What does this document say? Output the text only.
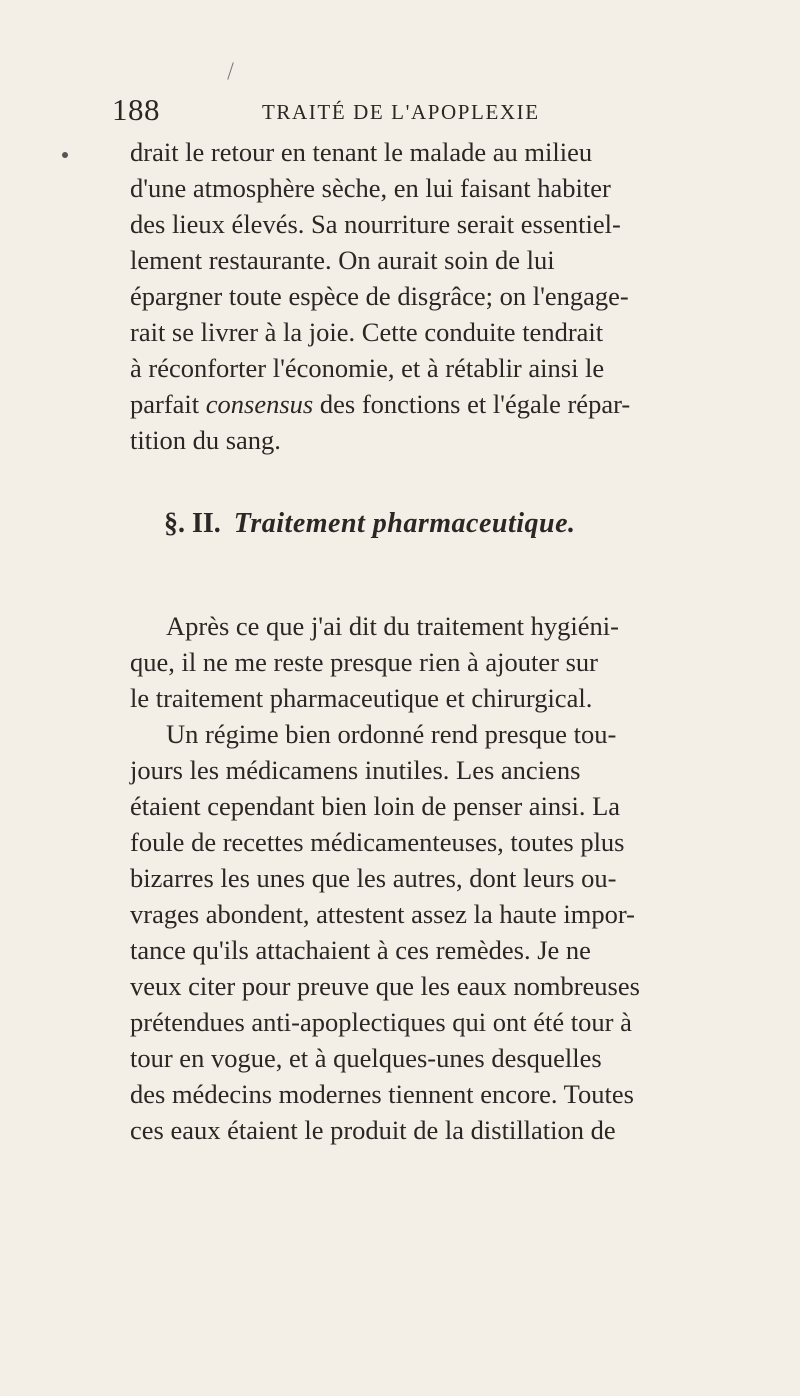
188	TRAITÉ DE L'APOPLEXIE
drait le retour en tenant le malade au milieu
d'une atmosphère sèche, en lui faisant habiter
des lieux élevés. Sa nourriture serait essentiel-
lement restaurante. On aurait soin de lui
épargner toute espèce de disgrâce; on l'engage-
rait se livrer à la joie. Cette conduite tendrait
à réconforter l'économie, et à rétablir ainsi le
parfait consensus des fonctions et l'égale répar-
tition du sang.
§. II. Traitement pharmaceutique.
Après ce que j'ai dit du traitement hygiéni-
que, il ne me reste presque rien à ajouter sur
le traitement pharmaceutique et chirurgical.
Un régime bien ordonné rend presque tou-
jours les médicamens inutiles. Les anciens
étaient cependant bien loin de penser ainsi. La
foule de recettes médicamenteuses, toutes plus
bizarres les unes que les autres, dont leurs ou-
vrages abondent, attestent assez la haute impor-
tance qu'ils attachaient à ces remèdes. Je ne
veux citer pour preuve que les eaux nombreuses
prétendues anti-apoplectiques qui ont été tour à
tour en vogue, et à quelques-unes desquelles
des médecins modernes tiennent encore. Toutes
ces eaux étaient le produit de la distillation de
